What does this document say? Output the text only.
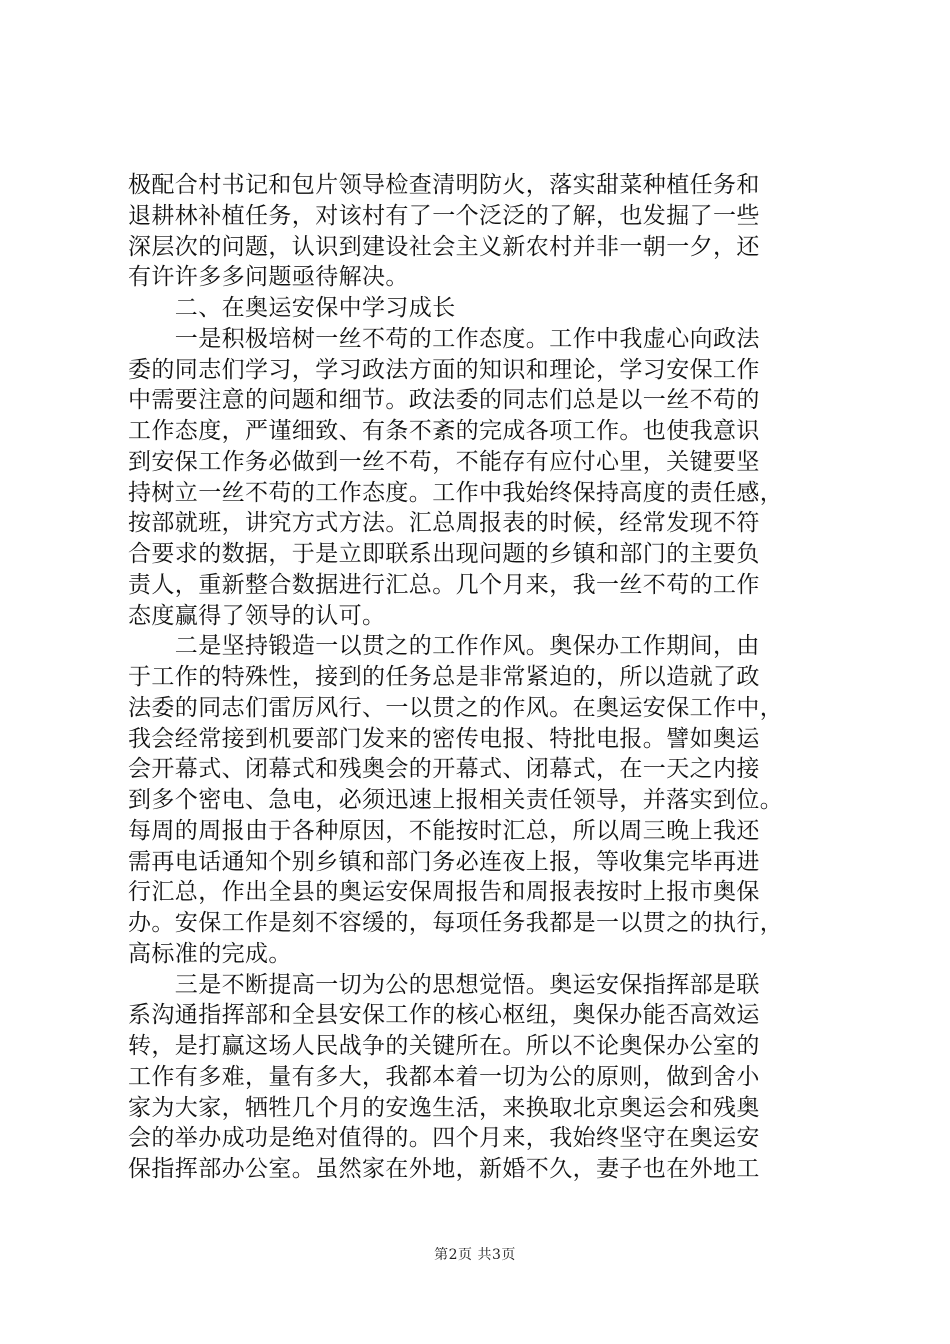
极配合村书记和包片领导检查清明防火，落实甜菜种植任务和
退耕林补植任务，对该村有了一个泛泛的了解，也发掘了一些
深层次的问题，认识到建设社会主义新农村并非一朝一夕，还
有许许多多问题亟待解决。
　　二、在奥运安保中学习成长
　　一是积极培树一丝不苟的工作态度。工作中我虚心向政法
委的同志们学习，学习政法方面的知识和理论，学习安保工作
中需要注意的问题和细节。政法委的同志们总是以一丝不苟的
工作态度，严谨细致、有条不紊的完成各项工作。也使我意识
到安保工作务必做到一丝不苟，不能存有应付心里，关键要坚
持树立一丝不苟的工作态度。工作中我始终保持高度的责任感，
按部就班，讲究方式方法。汇总周报表的时候，经常发现不符
合要求的数据，于是立即联系出现问题的乡镇和部门的主要负
责人，重新整合数据进行汇总。几个月来，我一丝不苟的工作
态度赢得了领导的认可。
　　二是坚持锻造一以贯之的工作作风。奥保办工作期间，由
于工作的特殊性，接到的任务总是非常紧迫的，所以造就了政
法委的同志们雷厉风行、一以贯之的作风。在奥运安保工作中，
我会经常接到机要部门发来的密传电报、特批电报。譬如奥运
会开幕式、闭幕式和残奥会的开幕式、闭幕式，在一天之内接
到多个密电、急电，必须迅速上报相关责任领导，并落实到位。
每周的周报由于各种原因，不能按时汇总，所以周三晚上我还
需再电话通知个别乡镇和部门务必连夜上报，等收集完毕再进
行汇总，作出全县的奥运安保周报告和周报表按时上报市奥保
办。安保工作是刻不容缓的，每项任务我都是一以贯之的执行，
高标准的完成。
　　三是不断提高一切为公的思想觉悟。奥运安保指挥部是联
系沟通指挥部和全县安保工作的核心枢纽，奥保办能否高效运
转，是打赢这场人民战争的关键所在。所以不论奥保办公室的
工作有多难，量有多大，我都本着一切为公的原则，做到舍小
家为大家，牺牲几个月的安逸生活，来换取北京奥运会和残奥
会的举办成功是绝对值得的。四个月来，我始终坚守在奥运安
保指挥部办公室。虽然家在外地，新婚不久，妻子也在外地工
第2页 共3页
